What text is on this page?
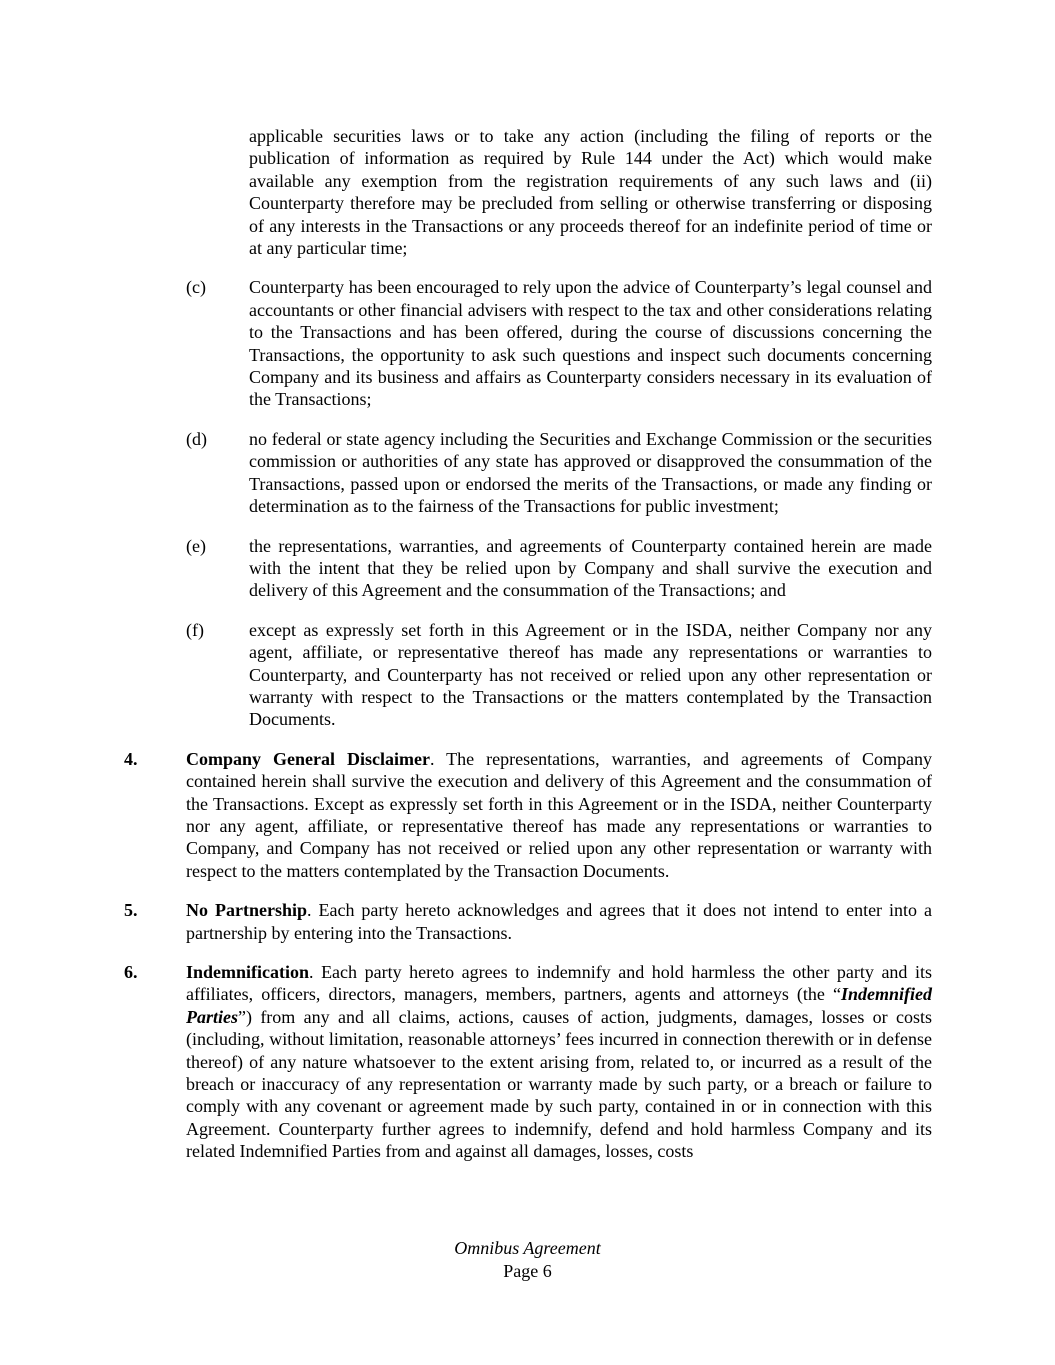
applicable securities laws or to take any action (including the filing of reports or the publication of information as required by Rule 144 under the Act) which would make available any exemption from the registration requirements of any such laws and (ii) Counterparty therefore may be precluded from selling or otherwise transferring or disposing of any interests in the Transactions or any proceeds thereof for an indefinite period of time or at any particular time;

(c)	Counterparty has been encouraged to rely upon the advice of Counterparty’s legal counsel and accountants or other financial advisers with respect to the tax and other considerations relating to the Transactions and has been offered, during the course of discussions concerning the Transactions, the opportunity to ask such questions and inspect such documents concerning Company and its business and affairs as Counterparty considers necessary in its evaluation of the Transactions;
(d)	no federal or state agency including the Securities and Exchange Commission or the securities commission or authorities of any state has approved or disapproved the consummation of the Transactions, passed upon or endorsed the merits of the Transactions, or made any finding or determination as to the fairness of the Transactions for public investment;
(e)	the representations, warranties, and agreements of Counterparty contained herein are made with the intent that they be relied upon by Company and shall survive the execution and delivery of this Agreement and the consummation of the Transactions; and
(f)	except as expressly set forth in this Agreement or in the ISDA, neither Company nor any agent, affiliate, or representative thereof has made any representations or warranties to Counterparty, and Counterparty has not received or relied upon any other representation or warranty with respect to the Transactions or the matters contemplated by the Transaction Documents.
4.	Company General Disclaimer. The representations, warranties, and agreements of Company contained herein shall survive the execution and delivery of this Agreement and the consummation of the Transactions. Except as expressly set forth in this Agreement or in the ISDA, neither Counterparty nor any agent, affiliate, or representative thereof has made any representations or warranties to Company, and Company has not received or relied upon any other representation or warranty with respect to the matters contemplated by the Transaction Documents.

5.	No Partnership. Each party hereto acknowledges and agrees that it does not intend to enter into a partnership by entering into the Transactions.

6.	Indemnification. Each party hereto agrees to indemnify and hold harmless the other party and its affiliates, officers, directors, managers, members, partners, agents and attorneys (the “Indemnified Parties”) from any and all claims, actions, causes of action, judgments, damages, losses or costs (including, without limitation, reasonable attorneys’ fees incurred in connection therewith or in defense thereof) of any nature whatsoever to the extent arising from, related to, or incurred as a result of the breach or inaccuracy of any representation or warranty made by such party, or a breach or failure to comply with any covenant or agreement made by such party, contained in or in connection with this Agreement. Counterparty further agrees to indemnify, defend and hold harmless Company and its related Indemnified Parties from and against all damages, losses, costs

Omnibus Agreement
Page 6
